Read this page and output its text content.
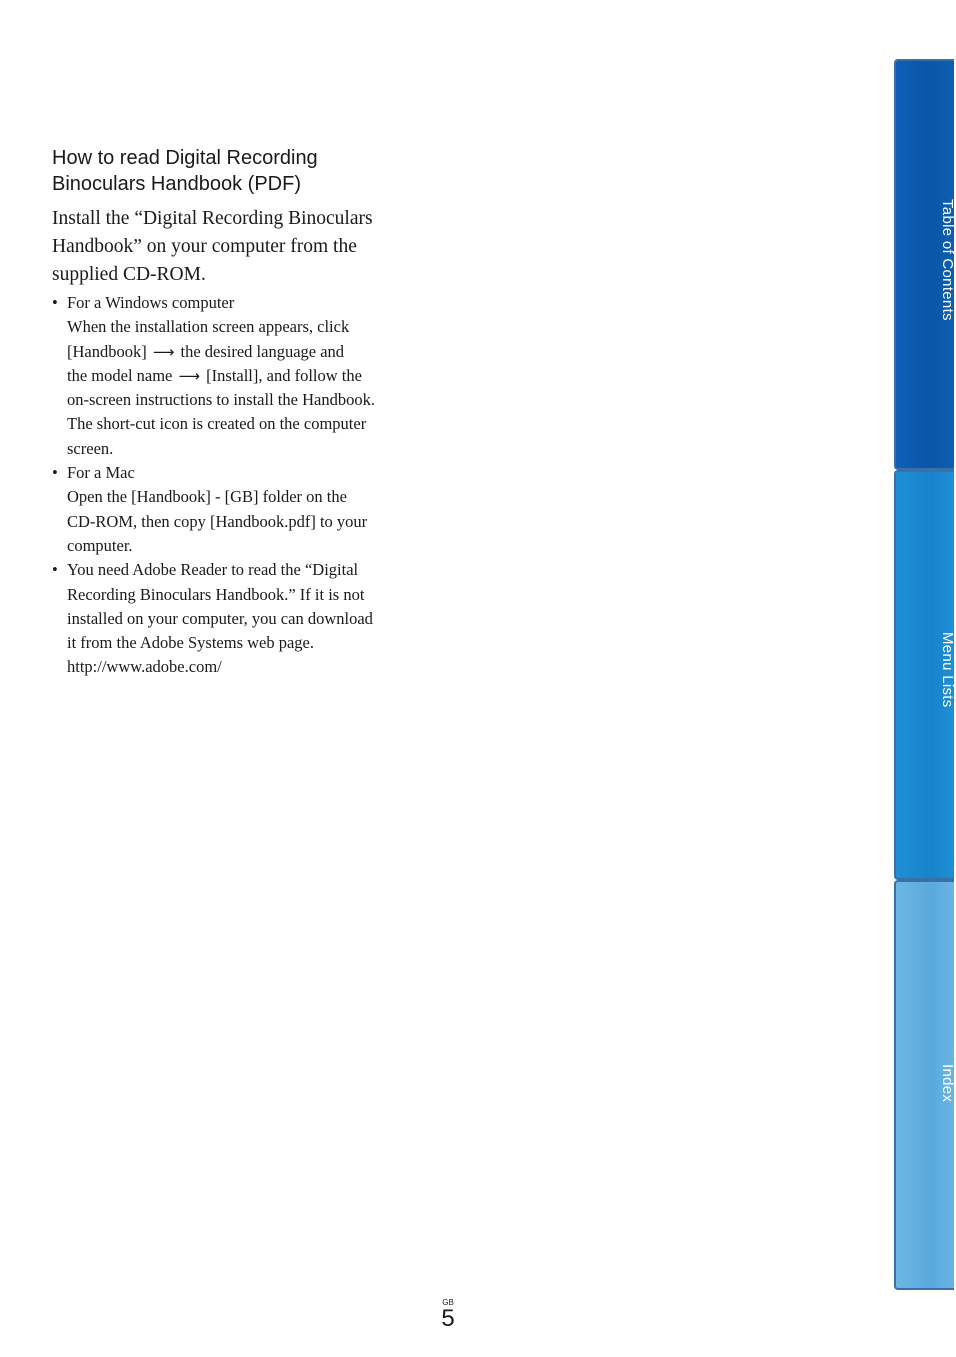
How to read Digital Recording
Binoculars Handbook (PDF)

Install the “Digital Recording Binoculars
Handbook” on your computer from the
supplied CD-ROM.

• For a Windows computer
When the installation screen appears, click
[Handbook] ⟶ the desired language and
the model name ⟶ [Install], and follow the
on-screen instructions to install the Handbook.
The short-cut icon is created on the computer
screen.
• For a Mac
Open the [Handbook] - [GB] folder on the
CD-ROM, then copy [Handbook.pdf] to your
computer.
• You need Adobe Reader to read the “Digital
Recording Binoculars Handbook.” If it is not
installed on your computer, you can download
it from the Adobe Systems web page.
http://www.adobe.com/
Table of Contents
Menu Lists
Index
GB
5
